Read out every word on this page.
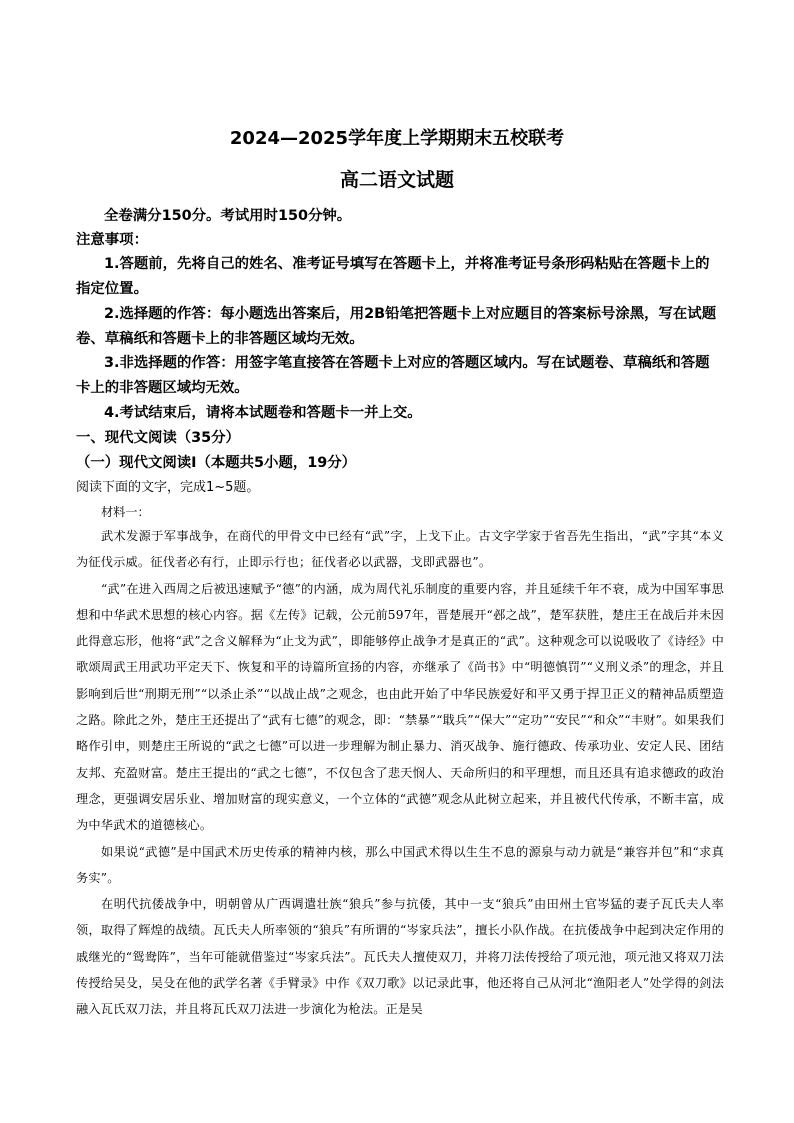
2024—2025学年度上学期期末五校联考
高二语文试题
全卷满分150分。考试用时150分钟。
注意事项：
1.答题前，先将自己的姓名、准考证号填写在答题卡上，并将准考证号条形码粘贴在答题卡上的指定位置。
2.选择题的作答：每小题选出答案后，用2B铅笔把答题卡上对应题目的答案标号涂黑，写在试题卷、草稿纸和答题卡上的非答题区域均无效。
3.非选择题的作答：用签字笔直接答在答题卡上对应的答题区域内。写在试题卷、草稿纸和答题卡上的非答题区域均无效。
4.考试结束后，请将本试题卷和答题卡一并上交。
一、现代文阅读（35分）
（一）现代文阅读Ⅰ（本题共5小题，19分）
阅读下面的文字，完成1~5题。
材料一：

武术发源于军事战争，在商代的甲骨文中已经有“武”字，上戈下止。古文字学家于省吾先生指出，“武”字其“本义为征伐示威。征伐者必有行，止即示行也；征伐者必以武器，戈即武器也”。

“武”在进入西周之后被迅速赋予“德”的内涵，成为周代礼乐制度的重要内容，并且延续千年不衰，成为中国军事思想和中华武术思想的核心内容。据《左传》记载，公元前597年，晋楚展开“邲之战”，楚军获胜，楚庄王在战后并未因此得意忘形，他将“武”之含义解释为“止戈为武”，即能够停止战争才是真正的“武”。这种观念可以说吸收了《诗经》中歌颂周武王用武功平定天下、恢复和平的诗篇所宣扬的内容，亦继承了《尚书》中“明德慎罚”“义刑义杀”的理念，并且影响到后世“刑期无刑”“以杀止杀”“以战止战”之观念，也由此开始了中华民族爱好和平又勇于捍卫正义的精神品质塑造之路。除此之外，楚庄王还提出了“武有七德”的观念，即：“禁暴”“戢兵”“保大”“定功”“安民”“和众”“丰财”。如果我们略作引申，则楚庄王所说的“武之七德”可以进一步理解为制止暴力、消灭战争、施行德政、传承功业、安定人民、团结友邦、充盈财富。楚庄王提出的“武之七德”，不仅包含了悲天悯人、天命所归的和平理想，而且还具有追求德政的政治理念，更强调安居乐业、增加财富的现实意义，一个立体的“武德”观念从此树立起来，并且被代代传承，不断丰富，成为中华武术的道德核心。

如果说“武德”是中国武术历史传承的精神内核，那么中国武术得以生生不息的源泉与动力就是“兼容并包”和“求真务实”。

在明代抗倭战争中，明朝曾从广西调遣壮族“狼兵”参与抗倭，其中一支“狼兵”由田州土官岑猛的妻子瓦氏夫人率领，取得了辉煌的战绩。瓦氏夫人所率领的“狼兵”有所谓的“岑家兵法”，擅长小队作战。在抗倭战争中起到决定作用的戚继光的“鸳鸯阵”，当年可能就借鉴过“岑家兵法”。瓦氏夫人擅使双刀，并将刀法传授给了项元池，项元池又将双刀法传授给吴殳，吴殳在他的武学名著《手臂录》中作《双刀歌》以记录此事，他还将自己从河北“渔阳老人”处学得的剑法融入瓦氏双刀法，并且将瓦氏双刀法进一步演化为枪法。正是吴
